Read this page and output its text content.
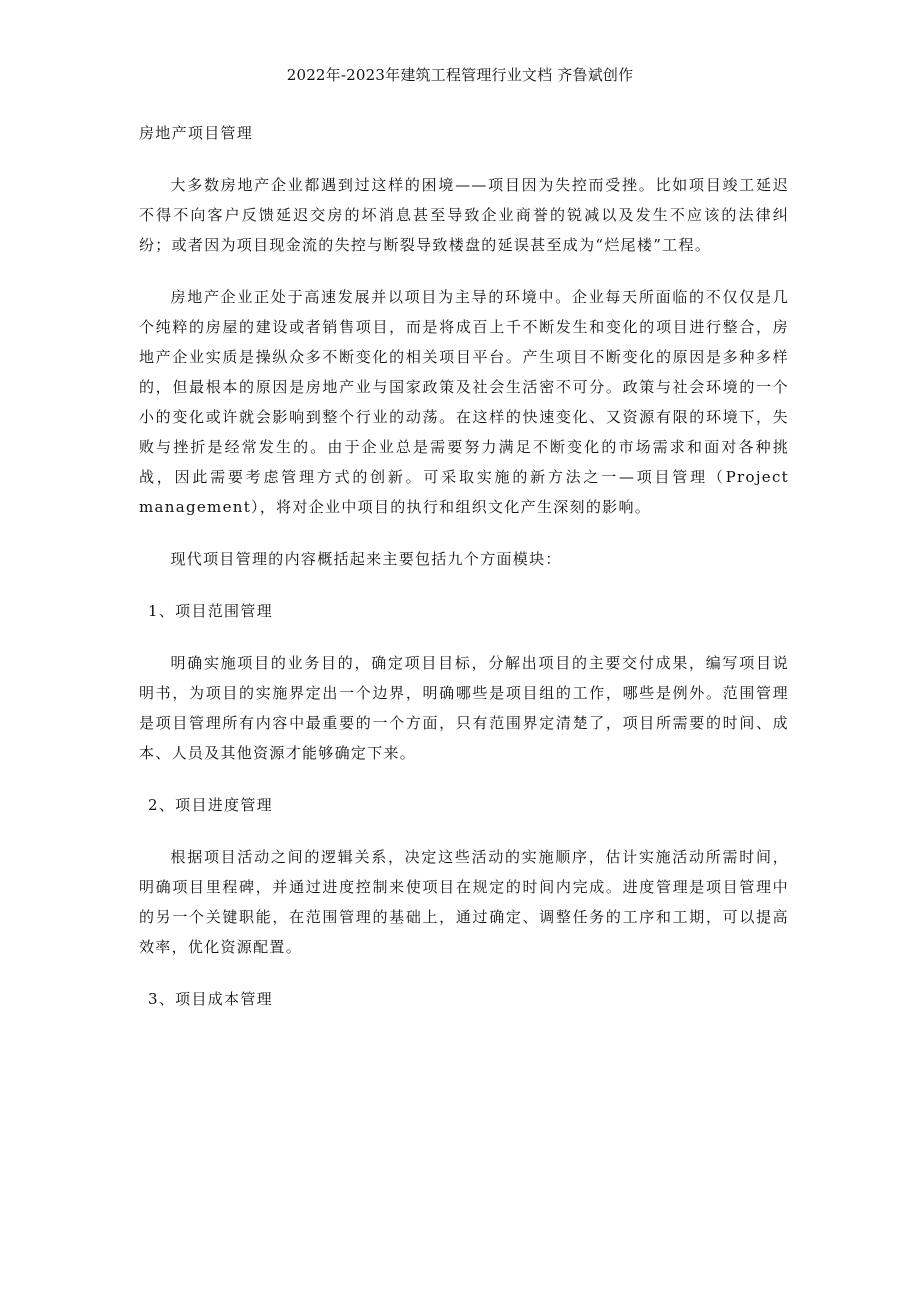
2022年-2023年建筑工程管理行业文档 齐鲁斌创作

房地产项目管理

大多数房地产企业都遇到过这样的困境——项目因为失控而受挫。比如项目竣工延迟不得不向客户反馈延迟交房的坏消息甚至导致企业商誉的锐减以及发生不应该的法律纠纷；或者因为项目现金流的失控与断裂导致楼盘的延误甚至成为“烂尾楼”工程。

房地产企业正处于高速发展并以项目为主导的环境中。企业每天所面临的不仅仅是几个纯粹的房屋的建设或者销售项目，而是将成百上千不断发生和变化的项目进行整合，房地产企业实质是操纵众多不断变化的相关项目平台。产生项目不断变化的原因是多种多样的，但最根本的原因是房地产业与国家政策及社会生活密不可分。政策与社会环境的一个小的变化或许就会影响到整个行业的动荡。在这样的快速变化、又资源有限的环境下，失败与挫折是经常发生的。由于企业总是需要努力满足不断变化的市场需求和面对各种挑战，因此需要考虑管理方式的创新。可采取实施的新方法之一—项目管理（Project management），将对企业中项目的执行和组织文化产生深刻的影响。

现代项目管理的内容概括起来主要包括九个方面模块：

1、项目范围管理

明确实施项目的业务目的，确定项目目标，分解出项目的主要交付成果，编写项目说明书，为项目的实施界定出一个边界，明确哪些是项目组的工作，哪些是例外。范围管理是项目管理所有内容中最重要的一个方面，只有范围界定清楚了，项目所需要的时间、成本、人员及其他资源才能够确定下来。

2、项目进度管理

根据项目活动之间的逻辑关系，决定这些活动的实施顺序，估计实施活动所需时间，明确项目里程碑，并通过进度控制来使项目在规定的时间内完成。进度管理是项目管理中的另一个关键职能，在范围管理的基础上，通过确定、调整任务的工序和工期，可以提高效率，优化资源配置。

3、项目成本管理
